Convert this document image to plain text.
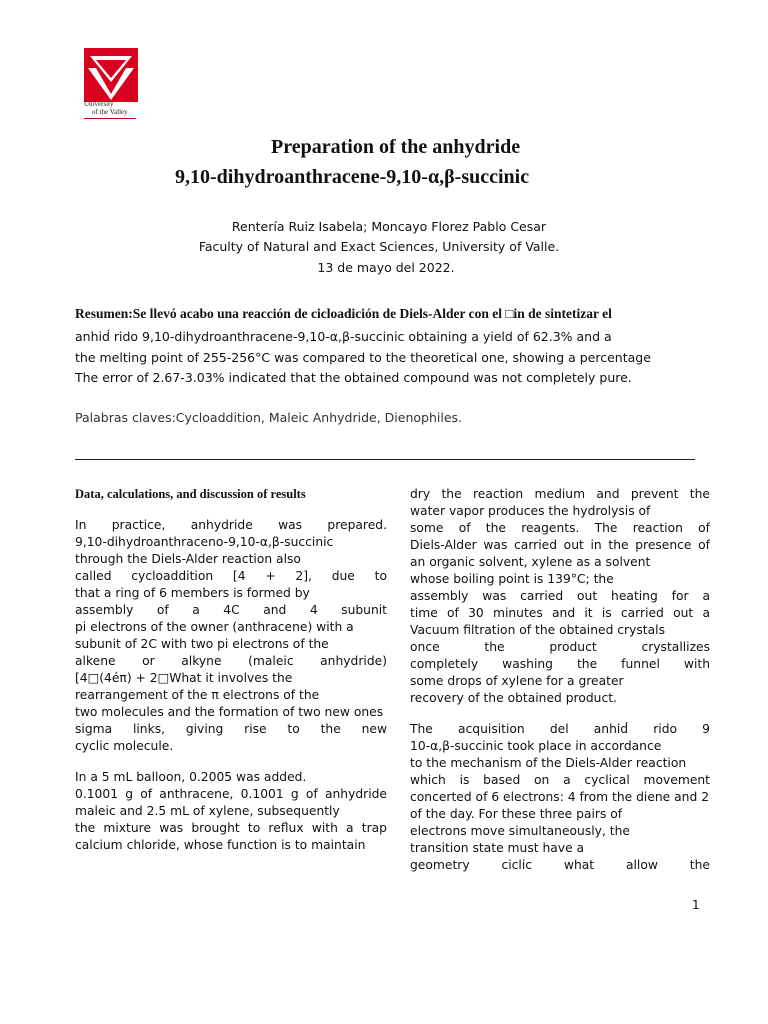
University
of the Valley
Preparation of the anhydride
9,10-dihydroanthracene-9,10-α,β-succinic
Rentería Ruiz Isabela; Moncayo Florez Pablo Cesar
Faculty of Natural and Exact Sciences, University of Valle.
13 de mayo del 2022.
Resumen:Se llevó acabo una reacción de cicloadición de Diels-Alder con el □in de sintetizar el
anhid́ rido 9,10-dihydroanthracene-9,10-α,β-succinic obtaining a yield of 62.3% and a
the melting point of 255-256°C was compared to the theoretical one, showing a percentage
The error of 2.67-3.03% indicated that the obtained compound was not completely pure.
Palabras claves:Cycloaddition, Maleic Anhydride, Dienophiles.
Data, calculations, and discussion of results
In practice, anhydride was prepared.
9,10-dihydroanthraceno-9,10-α,β-succinic
through the Diels-Alder reaction also
called cycloaddition [4 + 2], due to
that a ring of 6 members is formed by
assembly of a 4C and 4 subunit
pi electrons of the owner (anthracene) with a
subunit of 2C with two pi electrons of the
alkene or alkyne (maleic anhydride)
[4□(4éπ) + 2□What it involves the
rearrangement of the π electrons of the
two molecules and the formation of two new ones
sigma links, giving rise to the new
cyclic molecule.
In a 5 mL balloon, 0.2005 was added.
0.1001 g of anthracene, 0.1001 g of anhydride
maleic and 2.5 mL of xylene, subsequently
the mixture was brought to reflux with a trap
calcium chloride, whose function is to maintain
dry the reaction medium and prevent the
water vapor produces the hydrolysis of
some of the reagents. The reaction of
Diels-Alder was carried out in the presence of
an organic solvent, xylene as a solvent
whose boiling point is 139°C; the
assembly was carried out heating for a
time of 30 minutes and it is carried out a
Vacuum filtration of the obtained crystals
once the product crystallizes
completely washing the funnel with
some drops of xylene for a greater
recovery of the obtained product.
The acquisition del anhid́ rido 9
10-α,β-succinic took place in accordance
to the mechanism of the Diels-Alder reaction
which is based on a cyclical movement
concerted of 6 electrons: 4 from the diene and 2
of the day. For these three pairs of
electrons move simultaneously, the
transition state must have a
geometry ciclic what allow the
1
